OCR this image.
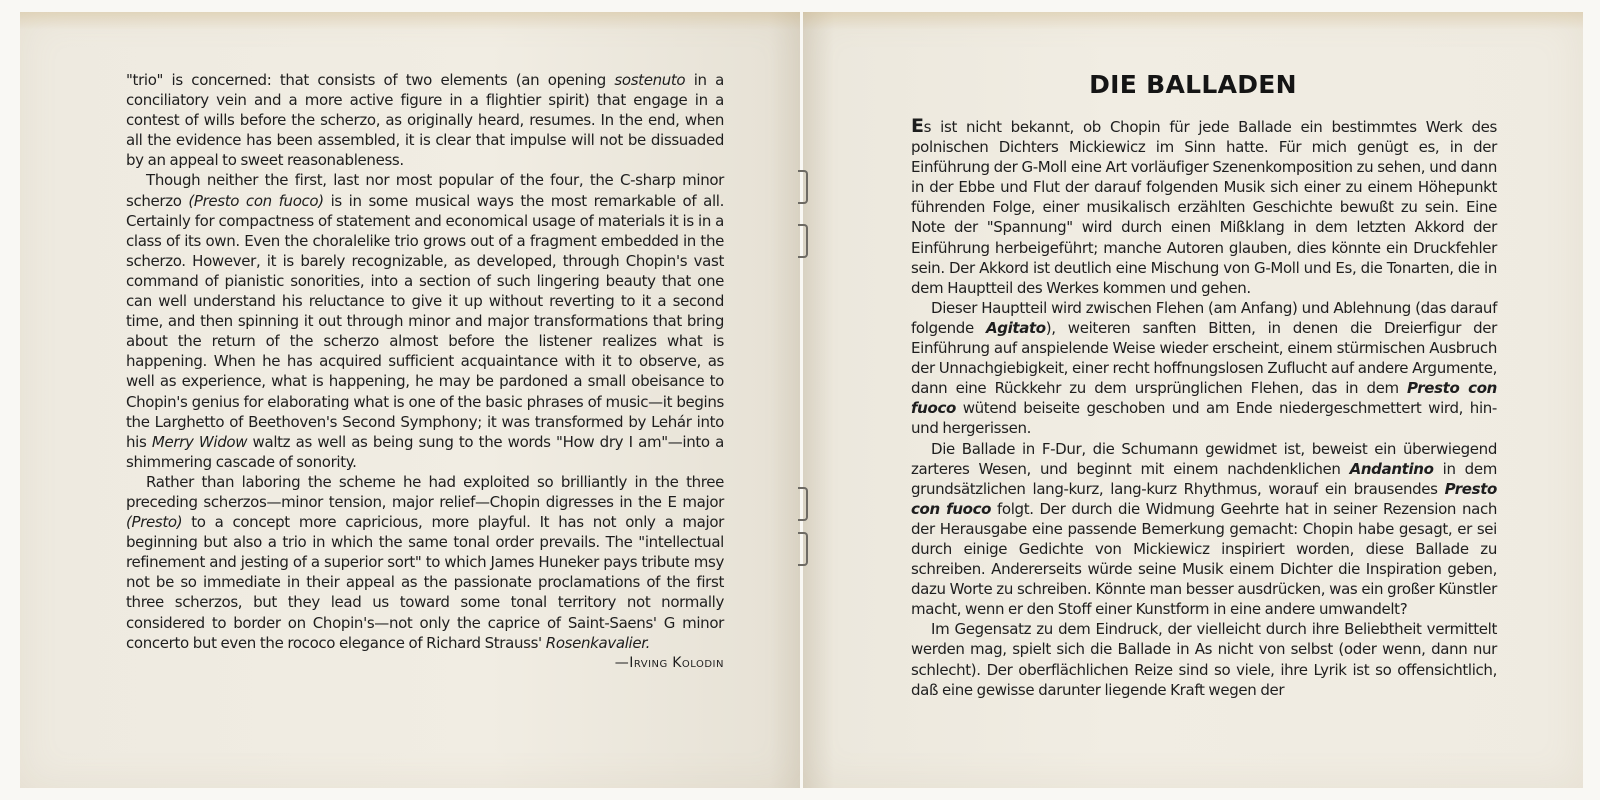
"trio" is concerned: that consists of two elements (an opening sostenuto in a conciliatory vein and a more active figure in a flightier spirit) that engage in a contest of wills before the scherzo, as originally heard, resumes. In the end, when all the evidence has been assembled, it is clear that impulse will not be dissuaded by an appeal to sweet reasonableness.

Though neither the first, last nor most popular of the four, the C-sharp minor scherzo (Presto con fuoco) is in some musical ways the most remarkable of all. Certainly for compactness of statement and economical usage of materials it is in a class of its own. Even the choralelike trio grows out of a fragment embedded in the scherzo. However, it is barely recognizable, as developed, through Chopin's vast command of pianistic sonorities, into a section of such lingering beauty that one can well understand his reluctance to give it up without reverting to it a second time, and then spinning it out through minor and major transformations that bring about the return of the scherzo almost before the listener realizes what is happening. When he has acquired sufficient acquaintance with it to observe, as well as experience, what is happening, he may be pardoned a small obeisance to Chopin's genius for elaborating what is one of the basic phrases of music—it begins the Larghetto of Beethoven's Second Symphony; it was transformed by Lehár into his Merry Widow waltz as well as being sung to the words "How dry I am"—into a shimmering cascade of sonority.

Rather than laboring the scheme he had exploited so brilliantly in the three preceding scherzos—minor tension, major relief—Chopin digresses in the E major (Presto) to a concept more capricious, more playful. It has not only a major beginning but also a trio in which the same tonal order prevails. The "intellectual refinement and jesting of a superior sort" to which James Huneker pays tribute msy not be so immediate in their appeal as the passionate proclamations of the first three scherzos, but they lead us toward some tonal territory not normally considered to border on Chopin's—not only the caprice of Saint-Saens' G minor concerto but even the rococo elegance of Richard Strauss' Rosenkavalier.

—Irving Kolodin

DIE BALLADEN

Es ist nicht bekannt, ob Chopin für jede Ballade ein bestimmtes Werk des polnischen Dichters Mickiewicz im Sinn hatte. Für mich genügt es, in der Einführung der G-Moll eine Art vorläufiger Szenenkomposition zu sehen, und dann in der Ebbe und Flut der darauf folgenden Musik sich einer zu einem Höhepunkt führenden Folge, einer musikalisch erzählten Geschichte bewußt zu sein. Eine Note der "Spannung" wird durch einen Mißklang in dem letzten Akkord der Einführung herbeigeführt; manche Autoren glauben, dies könnte ein Druckfehler sein. Der Akkord ist deutlich eine Mischung von G-Moll und Es, die Tonarten, die in dem Hauptteil des Werkes kommen und gehen.

Dieser Hauptteil wird zwischen Flehen (am Anfang) und Ablehnung (das darauf folgende Agitato), weiteren sanften Bitten, in denen die Dreierfigur der Einführung auf anspielende Weise wieder erscheint, einem stürmischen Ausbruch der Unnachgiebigkeit, einer recht hoffnungslosen Zuflucht auf andere Argumente, dann eine Rückkehr zu dem ursprünglichen Flehen, das in dem Presto con fuoco wütend beiseite geschoben und am Ende niedergeschmettert wird, hin-und hergerissen.

Die Ballade in F-Dur, die Schumann gewidmet ist, beweist ein überwiegend zarteres Wesen, und beginnt mit einem nachdenklichen Andantino in dem grundsätzlichen lang-kurz, lang-kurz Rhythmus, worauf ein brausendes Presto con fuoco folgt. Der durch die Widmung Geehrte hat in seiner Rezension nach der Herausgabe eine passende Bemerkung gemacht: Chopin habe gesagt, er sei durch einige Gedichte von Mickiewicz inspiriert worden, diese Ballade zu schreiben. Andererseits würde seine Musik einem Dichter die Inspiration geben, dazu Worte zu schreiben. Könnte man besser ausdrücken, was ein großer Künstler macht, wenn er den Stoff einer Kunstform in eine andere umwandelt?

Im Gegensatz zu dem Eindruck, der vielleicht durch ihre Beliebtheit vermittelt werden mag, spielt sich die Ballade in As nicht von selbst (oder wenn, dann nur schlecht). Der oberflächlichen Reize sind so viele, ihre Lyrik ist so offensichtlich, daß eine gewisse darunter liegende Kraft wegen der
